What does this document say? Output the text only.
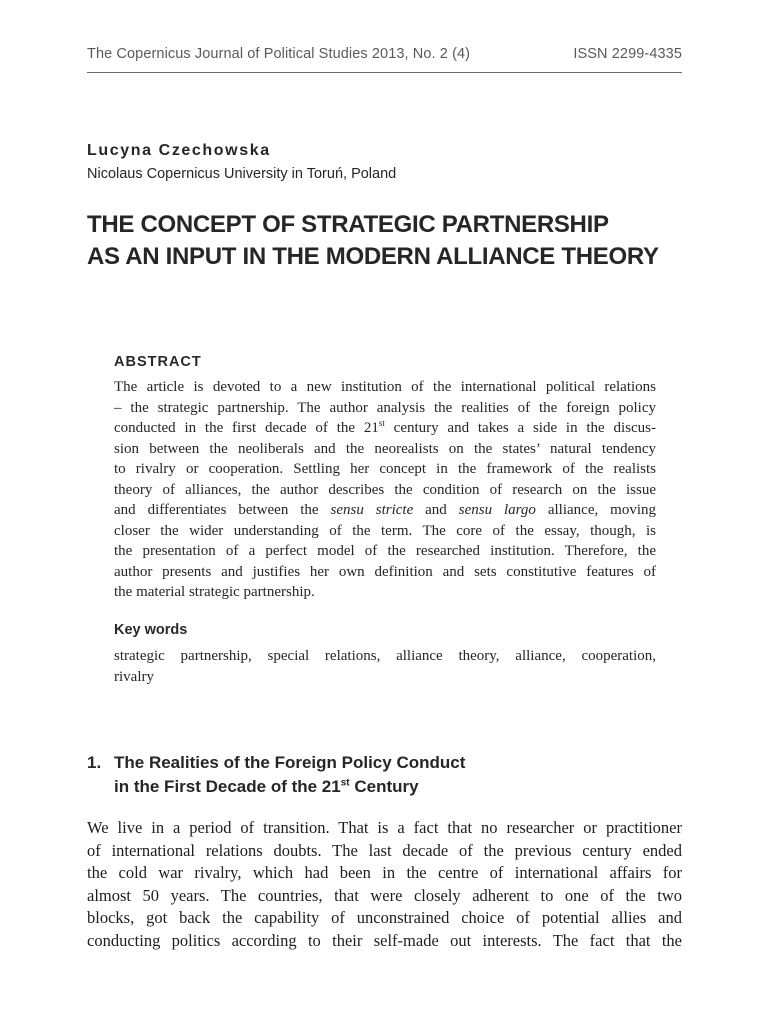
The Copernicus Journal of Political Studies 2013, No. 2 (4)	ISSN 2299-4335
Lucyna Czechowska
Nicolaus Copernicus University in Toruń, Poland
THE CONCEPT OF STRATEGIC PARTNERSHIP
AS AN INPUT IN THE MODERN ALLIANCE THEORY
ABSTRACT
The article is devoted to a new institution of the international political relations
– the strategic partnership. The author analysis the realities of the foreign policy
conducted in the first decade of the 21st century and takes a side in the discus-
sion between the neoliberals and the neorealists on the states’ natural tendency
to rivalry or cooperation. Settling her concept in the framework of the realists
theory of alliances, the author describes the condition of research on the issue
and differentiates between the sensu stricte and sensu largo alliance, moving
closer the wider understanding of the term. The core of the essay, though, is
the presentation of a perfect model of the researched institution. Therefore, the
author presents and justifies her own definition and sets constitutive features of
the material strategic partnership.
Key words
strategic partnership, special relations, alliance theory, alliance, cooperation,
rivalry
1. The Realities of the Foreign Policy Conduct
in the First Decade of the 21st Century
We live in a period of transition. That is a fact that no researcher or practitioner
of international relations doubts. The last decade of the previous century ended
the cold war rivalry, which had been in the centre of international affairs for
almost 50 years. The countries, that were closely adherent to one of the two
blocks, got back the capability of unconstrained choice of potential allies and
conducting politics according to their self-made out interests. The fact that the
